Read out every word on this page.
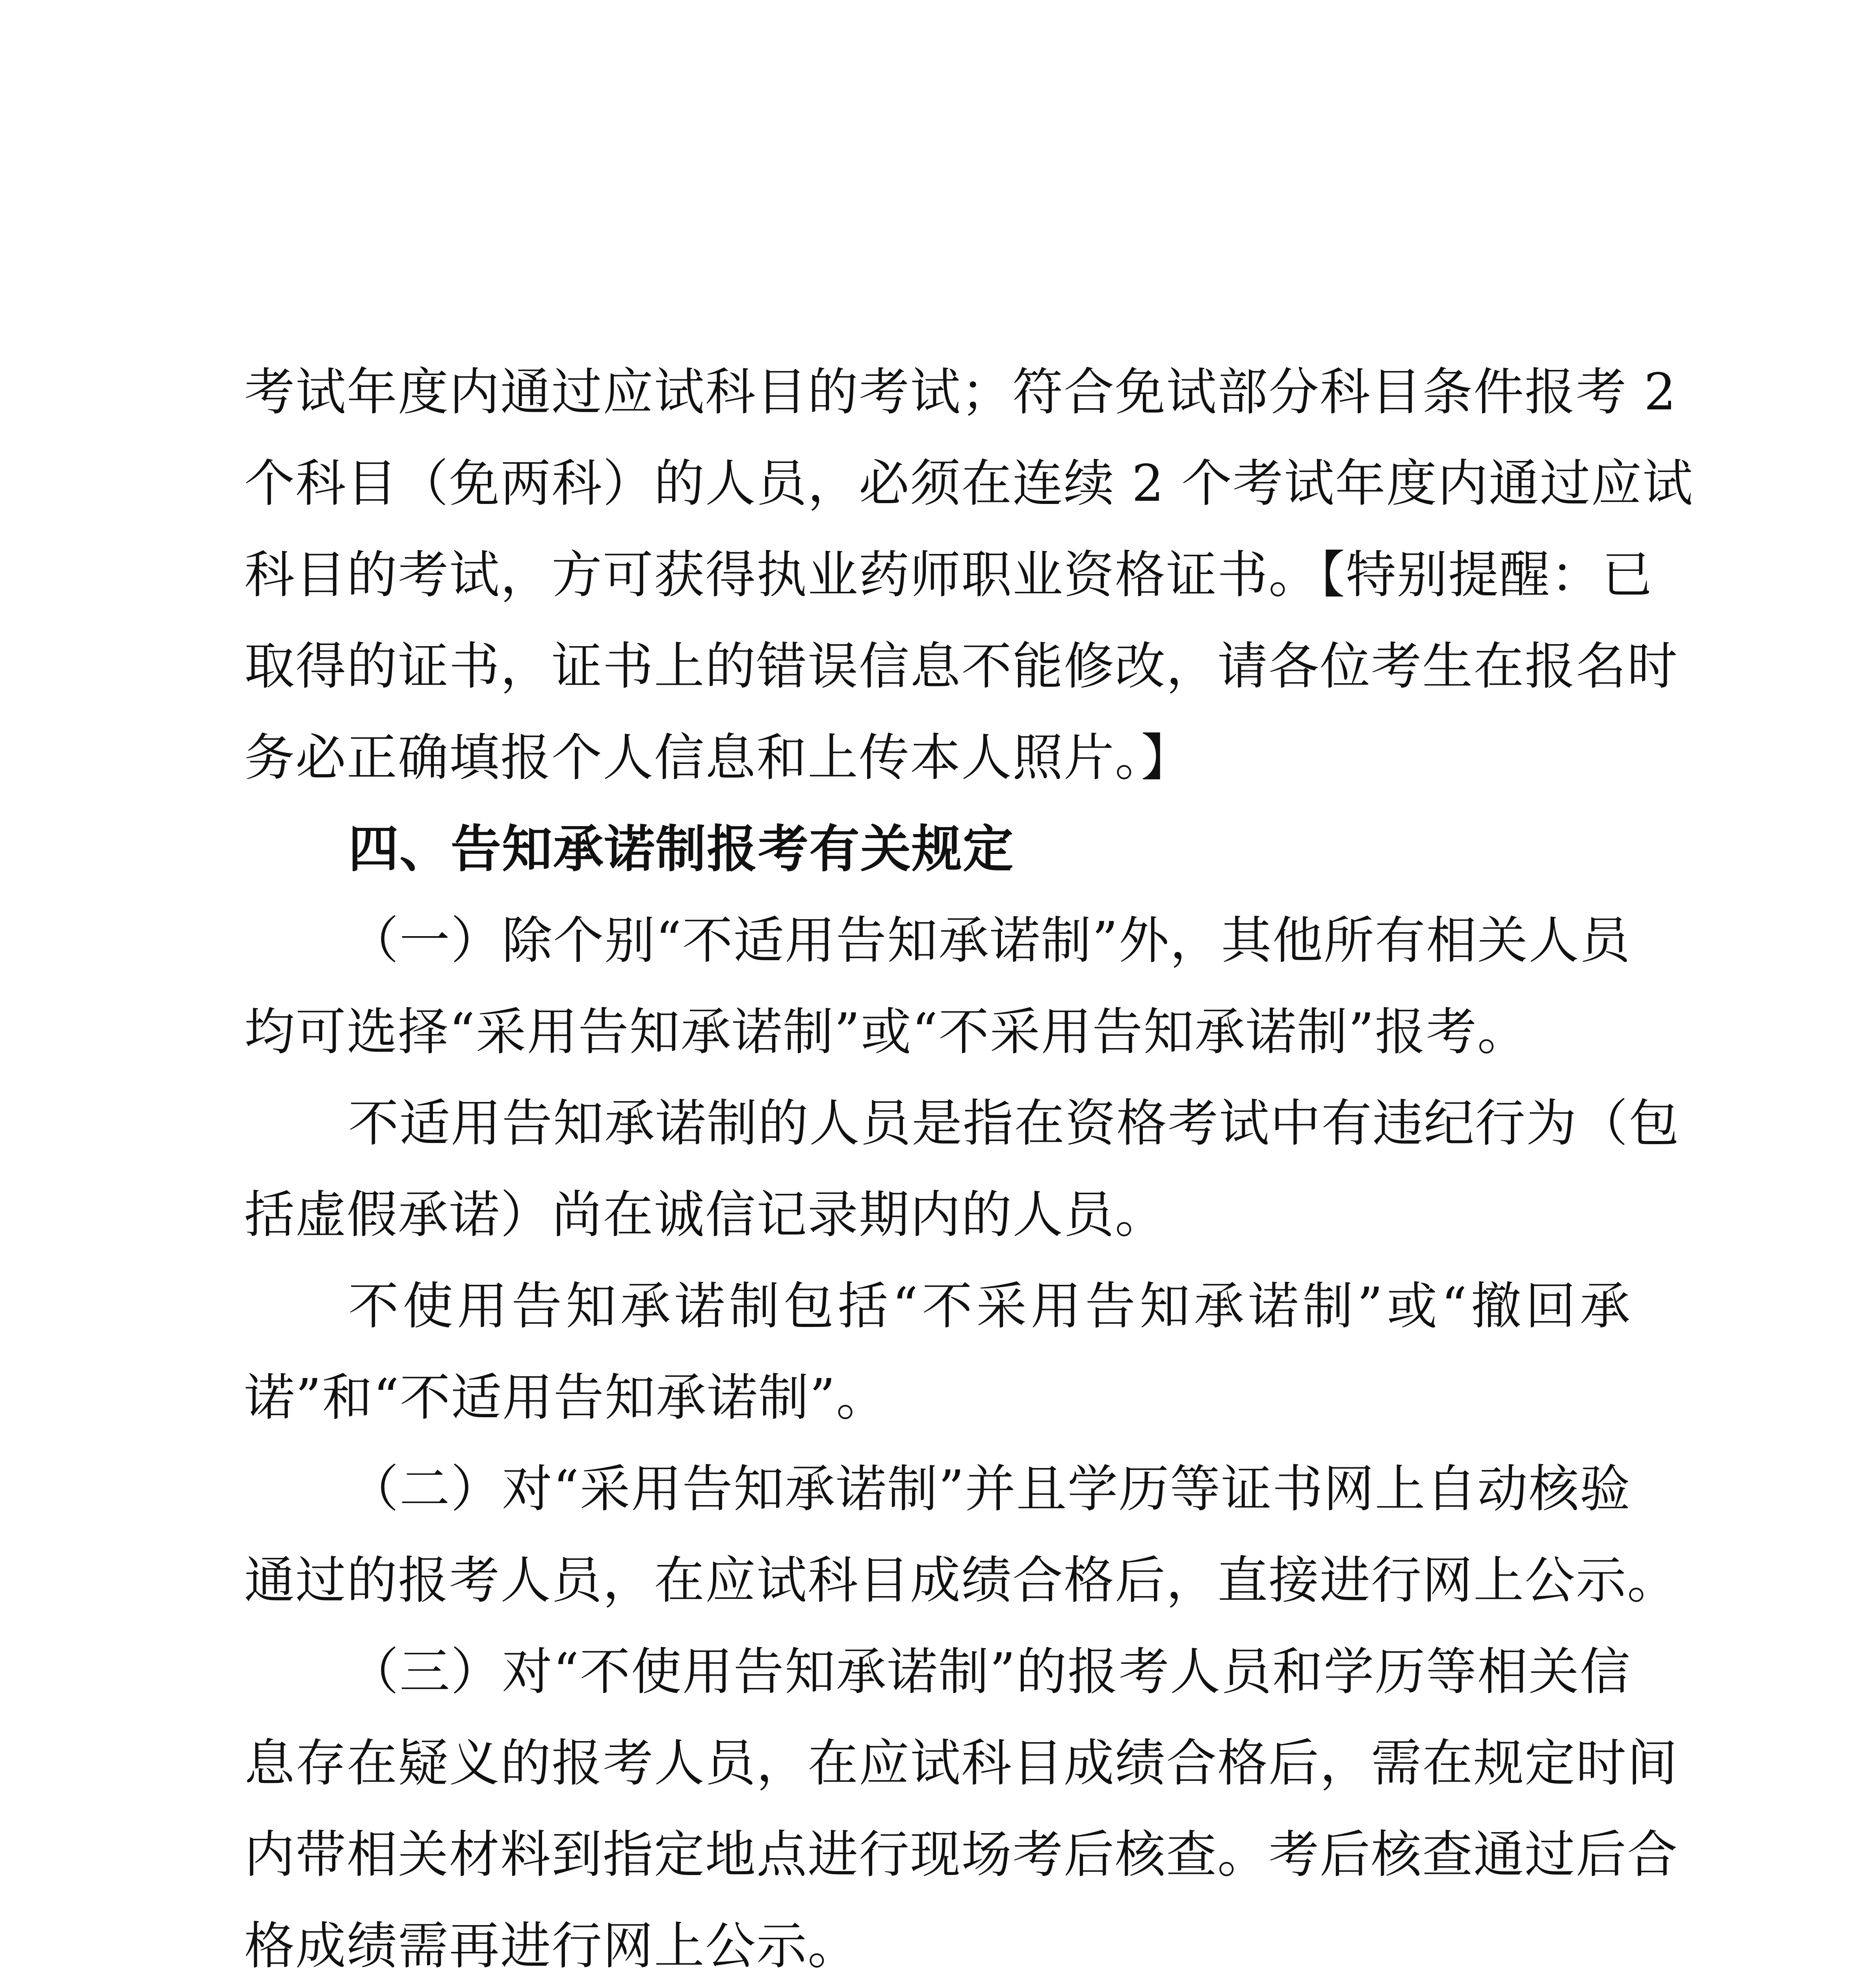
考试年度内通过应试科目的考试；符合免试部分科目条件报考 2
个科目（免两科）的人员，必须在连续 2 个考试年度内通过应试
科目的考试，方可获得执业药师职业资格证书。【特别提醒：已
取得的证书，证书上的错误信息不能修改，请各位考生在报名时
务必正确填报个人信息和上传本人照片。】
四、告知承诺制报考有关规定
（一）除个别“不适用告知承诺制”外，其他所有相关人员
均可选择“采用告知承诺制”或“不采用告知承诺制”报考。
不适用告知承诺制的人员是指在资格考试中有违纪行为（包
括虚假承诺）尚在诚信记录期内的人员。
不使用告知承诺制包括“不采用告知承诺制”或“撤回承
诺”和“不适用告知承诺制”。
（二）对“采用告知承诺制”并且学历等证书网上自动核验
通过的报考人员，在应试科目成绩合格后，直接进行网上公示。
（三）对“不使用告知承诺制”的报考人员和学历等相关信
息存在疑义的报考人员，在应试科目成绩合格后，需在规定时间
内带相关材料到指定地点进行现场考后核查。考后核查通过后合
格成绩需再进行网上公示。
